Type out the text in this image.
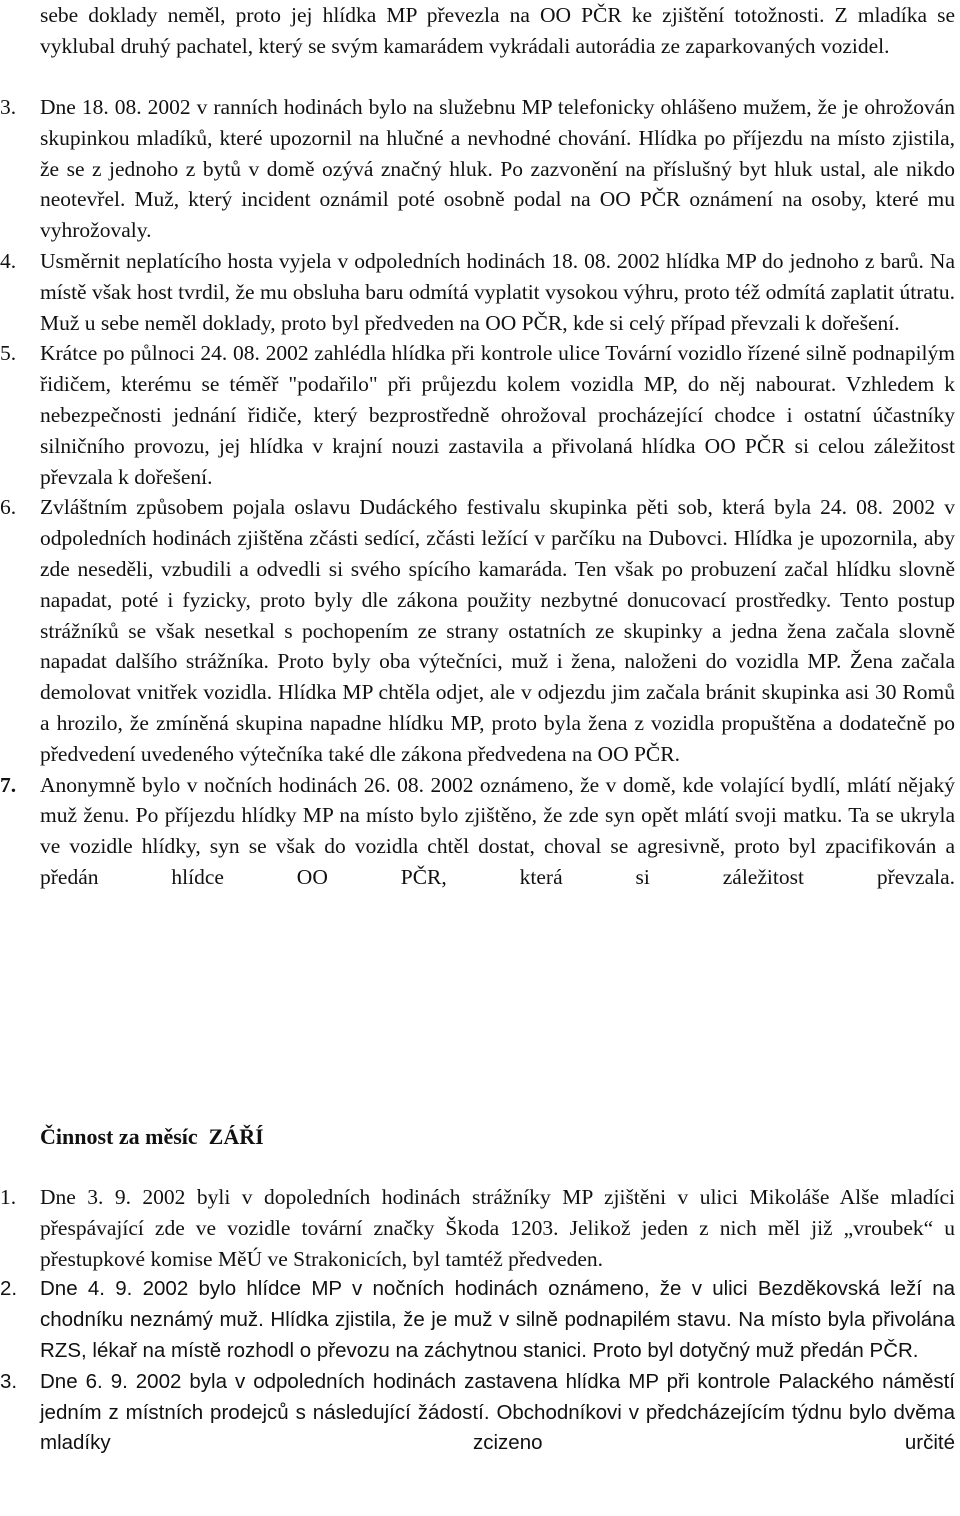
sebe doklady neměl, proto jej hlídka MP převezla na OO PČR ke zjištění totožnosti. Z mladíka se vyklubal druhý pachatel, který se svým kamarádem vykrádali autorádia ze zaparkovaných vozidel.
3. Dne 18. 08. 2002 v ranních hodinách bylo na služebnu MP telefonicky ohlášeno mužem, že je ohrožován skupinkou mladíků, které upozornil na hlučné a nevhodné chování. Hlídka po příjezdu na místo zjistila, že se z jednoho z bytů v domě ozývá značný hluk. Po zazvonění na příslušný byt hluk ustal, ale nikdo neotevřel. Muž, který incident oznámil poté osobně podal na OO PČR oznámení na osoby, které mu vyhrožovaly.
4. Usměrnit neplatícího hosta vyjela v odpoledních hodinách 18. 08. 2002 hlídka MP do jednoho z barů. Na místě však host tvrdil, že mu obsluha baru odmítá vyplatit vysokou výhru, proto též odmítá zaplatit útratu. Muž u sebe neměl doklady, proto byl předveden na OO PČR, kde si celý případ převzali k dořešení.
5. Krátce po půlnoci 24. 08. 2002 zahlédla hlídka při kontrole ulice Tovární vozidlo řízené silně podnapilým řidičem, kterému se téměř "podařilo" při průjezdu kolem vozidla MP, do něj nabourat. Vzhledem k nebezpečnosti jednání řidiče, který bezprostředně ohrožoval procházející chodce i ostatní účastníky silničního provozu, jej hlídka v krajní nouzi zastavila a přivolaná hlídka OO PČR si celou záležitost převzala k dořešení.
6. Zvláštním způsobem pojala oslavu Dudáckého festivalu skupinka pěti sob, která byla 24. 08. 2002 v odpoledních hodinách zjištěna zčásti sedící, zčásti ležící v parčíku na Dubovci. Hlídka je upozornila, aby zde neseděli, vzbudili a odvedli si svého spícího kamaráda. Ten však po probuzení začal hlídku slovně napadat, poté i fyzicky, proto byly dle zákona použity nezbytné donucovací prostředky. Tento postup strážníků se však nesetkal s pochopením ze strany ostatních ze skupinky a jedna žena začala slovně napadat dalšího strážníka. Proto byly oba výtečníci, muž i žena, naloženi do vozidla MP. Žena začala demolovat vnitřek vozidla. Hlídka MP chtěla odjet, ale v odjezdu jim začala bránit skupinka asi 30 Romů a hrozilo, že zmíněná skupina napadne hlídku MP, proto byla žena z vozidla propuštěna a dodatečně po předvedení uvedeného výtečníka také dle zákona předvedena na OO PČR.
7. Anonymně bylo v nočních hodinách 26. 08. 2002 oznámeno, že v domě, kde volající bydlí, mlátí nějaký muž ženu. Po příjezdu hlídky MP na místo bylo zjištěno, že zde syn opět mlátí svoji matku. Ta se ukryla ve vozidle hlídky, syn se však do vozidla chtěl dostat, choval se agresivně, proto byl zpacifikován a předán hlídce OO PČR, která si záležitost převzala.
Činnost za měsíc  ZÁŘÍ
1. Dne 3. 9. 2002 byli v dopoledních hodinách strážníky MP zjištěni v ulici Mikoláše Alše mladíci přespávající zde ve vozidle tovární značky Škoda 1203. Jelikož jeden z nich měl již „vroubek“ u přestupkové komise MěÚ ve Strakonicích, byl tamtéž předveden.
2. Dne 4. 9. 2002 bylo hlídce MP v nočních hodinách oznámeno, že v ulici Bezděkovská leží na chodníku neznámý muž. Hlídka zjistila, že je muž v silně podnapilém stavu. Na místo byla přivolána RZS, lékař na místě rozhodl o převozu na záchytnou stanici. Proto byl dotyčný muž předán PČR.
3. Dne 6. 9. 2002 byla v odpoledních hodinách zastavena hlídka MP při kontrole Palackého náměstí jedním z místních prodejců s následující žádostí. Obchodníkovi v předcházejícím týdnu bylo dvěma mladíky zcizeno určité
